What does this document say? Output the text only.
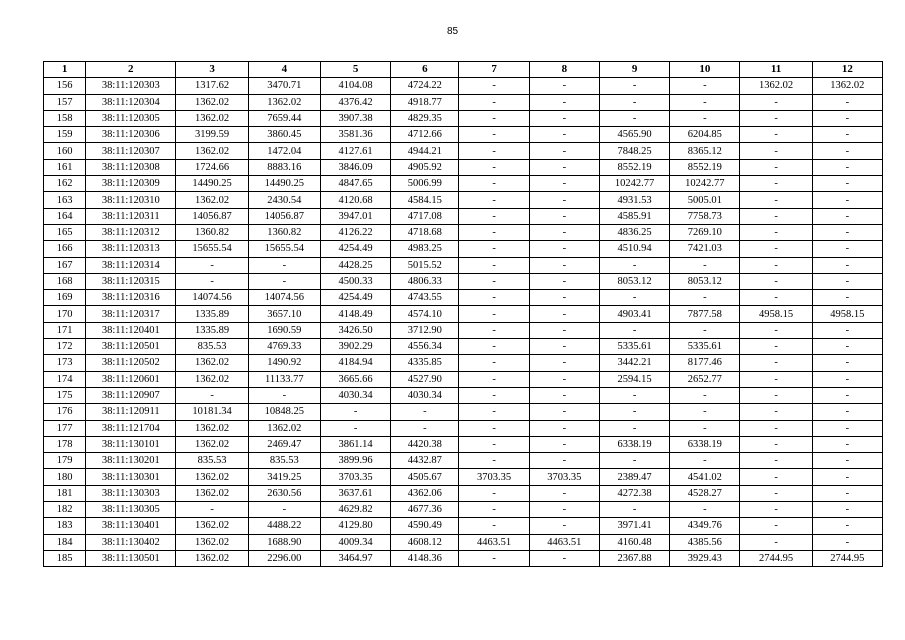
85
1	2	3	4	5	6	7	8	9	10	11	12
156	38:11:120303	1317.62	3470.71	4104.08	4724.22	-	-	-	-	1362.02	1362.02
157	38:11:120304	1362.02	1362.02	4376.42	4918.77	-	-	-	-	-	-
158	38:11:120305	1362.02	7659.44	3907.38	4829.35	-	-	-	-	-	-
159	38:11:120306	3199.59	3860.45	3581.36	4712.66	-	-	4565.90	6204.85	-	-
160	38:11:120307	1362.02	1472.04	4127.61	4944.21	-	-	7848.25	8365.12	-	-
161	38:11:120308	1724.66	8883.16	3846.09	4905.92	-	-	8552.19	8552.19	-	-
162	38:11:120309	14490.25	14490.25	4847.65	5006.99	-	-	10242.77	10242.77	-	-
163	38:11:120310	1362.02	2430.54	4120.68	4584.15	-	-	4931.53	5005.01	-	-
164	38:11:120311	14056.87	14056.87	3947.01	4717.08	-	-	4585.91	7758.73	-	-
165	38:11:120312	1360.82	1360.82	4126.22	4718.68	-	-	4836.25	7269.10	-	-
166	38:11:120313	15655.54	15655.54	4254.49	4983.25	-	-	4510.94	7421.03	-	-
167	38:11:120314	-	-	4428.25	5015.52	-	-	-	-	-	-
168	38:11:120315	-	-	4500.33	4806.33	-	-	8053.12	8053.12	-	-
169	38:11:120316	14074.56	14074.56	4254.49	4743.55	-	-	-	-	-	-
170	38:11:120317	1335.89	3657.10	4148.49	4574.10	-	-	4903.41	7877.58	4958.15	4958.15
171	38:11:120401	1335.89	1690.59	3426.50	3712.90	-	-	-	-	-	-
172	38:11:120501	835.53	4769.33	3902.29	4556.34	-	-	5335.61	5335.61	-	-
173	38:11:120502	1362.02	1490.92	4184.94	4335.85	-	-	3442.21	8177.46	-	-
174	38:11:120601	1362.02	11133.77	3665.66	4527.90	-	-	2594.15	2652.77	-	-
175	38:11:120907	-	-	4030.34	4030.34	-	-	-	-	-	-
176	38:11:120911	10181.34	10848.25	-	-	-	-	-	-	-	-
177	38:11:121704	1362.02	1362.02	-	-	-	-	-	-	-	-
178	38:11:130101	1362.02	2469.47	3861.14	4420.38	-	-	6338.19	6338.19	-	-
179	38:11:130201	835.53	835.53	3899.96	4432.87	-	-	-	-	-	-
180	38:11:130301	1362.02	3419.25	3703.35	4505.67	3703.35	3703.35	2389.47	4541.02	-	-
181	38:11:130303	1362.02	2630.56	3637.61	4362.06	-	-	4272.38	4528.27	-	-
182	38:11:130305	-	-	4629.82	4677.36	-	-	-	-	-	-
183	38:11:130401	1362.02	4488.22	4129.80	4590.49	-	-	3971.41	4349.76	-	-
184	38:11:130402	1362.02	1688.90	4009.34	4608.12	4463.51	4463.51	4160.48	4385.56	-	-
185	38:11:130501	1362.02	2296.00	3464.97	4148.36	-	-	2367.88	3929.43	2744.95	2744.95
